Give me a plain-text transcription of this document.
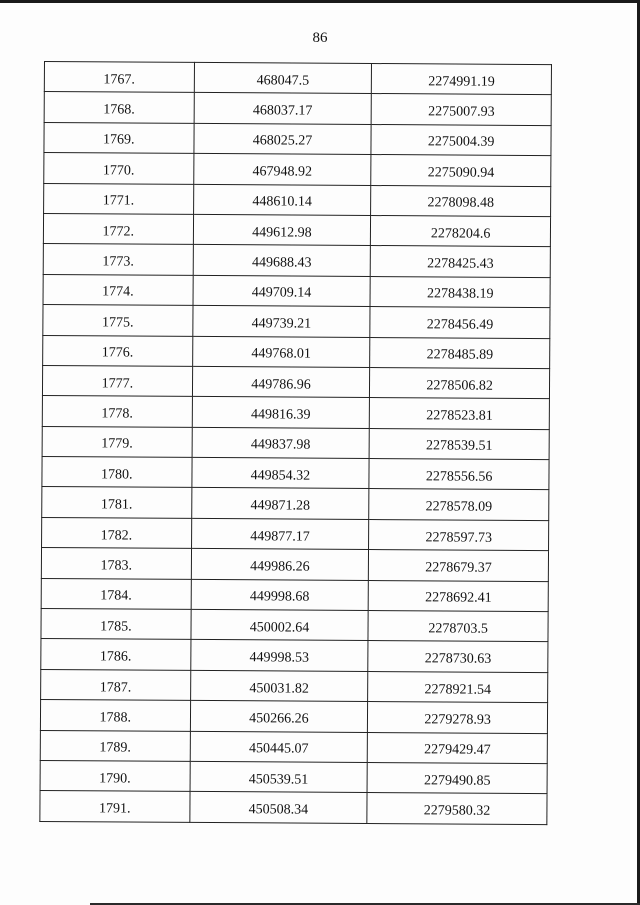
86
1767.	468047.5	2274991.19
1768.	468037.17	2275007.93
1769.	468025.27	2275004.39
1770.	467948.92	2275090.94
1771.	448610.14	2278098.48
1772.	449612.98	2278204.6
1773.	449688.43	2278425.43
1774.	449709.14	2278438.19
1775.	449739.21	2278456.49
1776.	449768.01	2278485.89
1777.	449786.96	2278506.82
1778.	449816.39	2278523.81
1779.	449837.98	2278539.51
1780.	449854.32	2278556.56
1781.	449871.28	2278578.09
1782.	449877.17	2278597.73
1783.	449986.26	2278679.37
1784.	449998.68	2278692.41
1785.	450002.64	2278703.5
1786.	449998.53	2278730.63
1787.	450031.82	2278921.54
1788.	450266.26	2279278.93
1789.	450445.07	2279429.47
1790.	450539.51	2279490.85
1791.	450508.34	2279580.32
